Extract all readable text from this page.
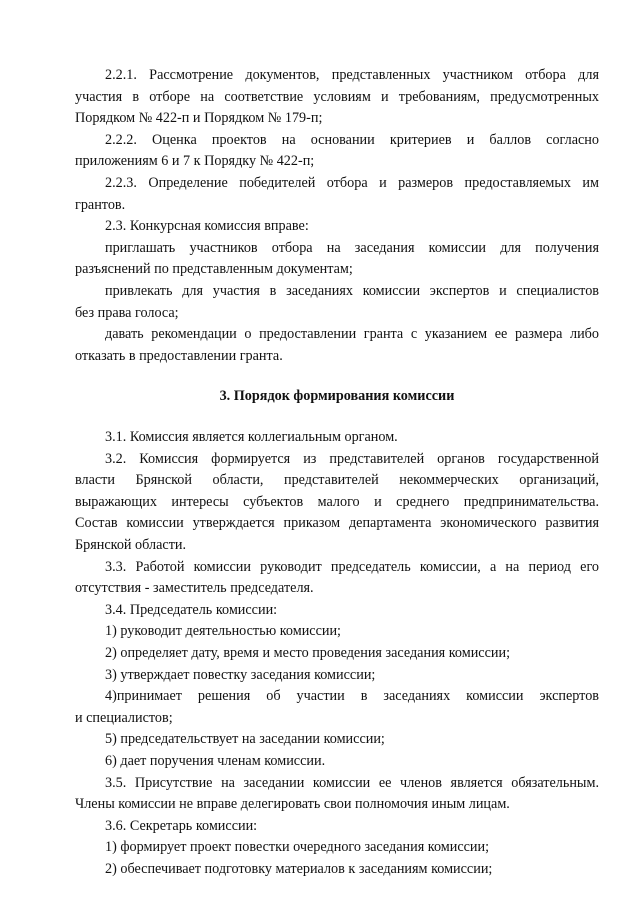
2.2.1. Рассмотрение документов, представленных участником отбора для

участия в отборе на соответствие условиям и требованиям, предусмотренных

Порядком № 422-п и Порядком № 179-п;

2.2.2. Оценка проектов на основании критериев и баллов согласно

приложениям 6 и 7 к Порядку № 422-п;

2.2.3. Определение победителей отбора и размеров предоставляемых им

грантов.

2.3. Конкурсная комиссия вправе:

приглашать участников отбора на заседания комиссии для получения

разъяснений по представленным документам;

привлекать для участия в заседаниях комиссии экспертов и специалистов

без права голоса;

давать рекомендации о предоставлении гранта с указанием ее размера либо

отказать в предоставлении гранта.

3. Порядок формирования комиссии

3.1. Комиссия является коллегиальным органом.

3.2. Комиссия формируется из представителей органов государственной

власти Брянской области, представителей некоммерческих организаций,

выражающих интересы субъектов малого и среднего предпринимательства.

Состав комиссии утверждается приказом департамента экономического развития

Брянской области.

3.3. Работой комиссии руководит председатель комиссии, а на период его

отсутствия - заместитель председателя.

3.4. Председатель комиссии:

1) руководит деятельностью комиссии;

2) определяет дату, время и место проведения заседания комиссии;

3) утверждает повестку заседания комиссии;

4)принимает решения об участии в заседаниях комиссии экспертов

и специалистов;

5) председательствует на заседании комиссии;

6) дает поручения членам комиссии.

3.5. Присутствие на заседании комиссии ее членов является обязательным.

Члены комиссии не вправе делегировать свои полномочия иным лицам.

3.6. Секретарь комиссии:

1) формирует проект повестки очередного заседания комиссии;

2) обеспечивает подготовку материалов к заседаниям комиссии;
